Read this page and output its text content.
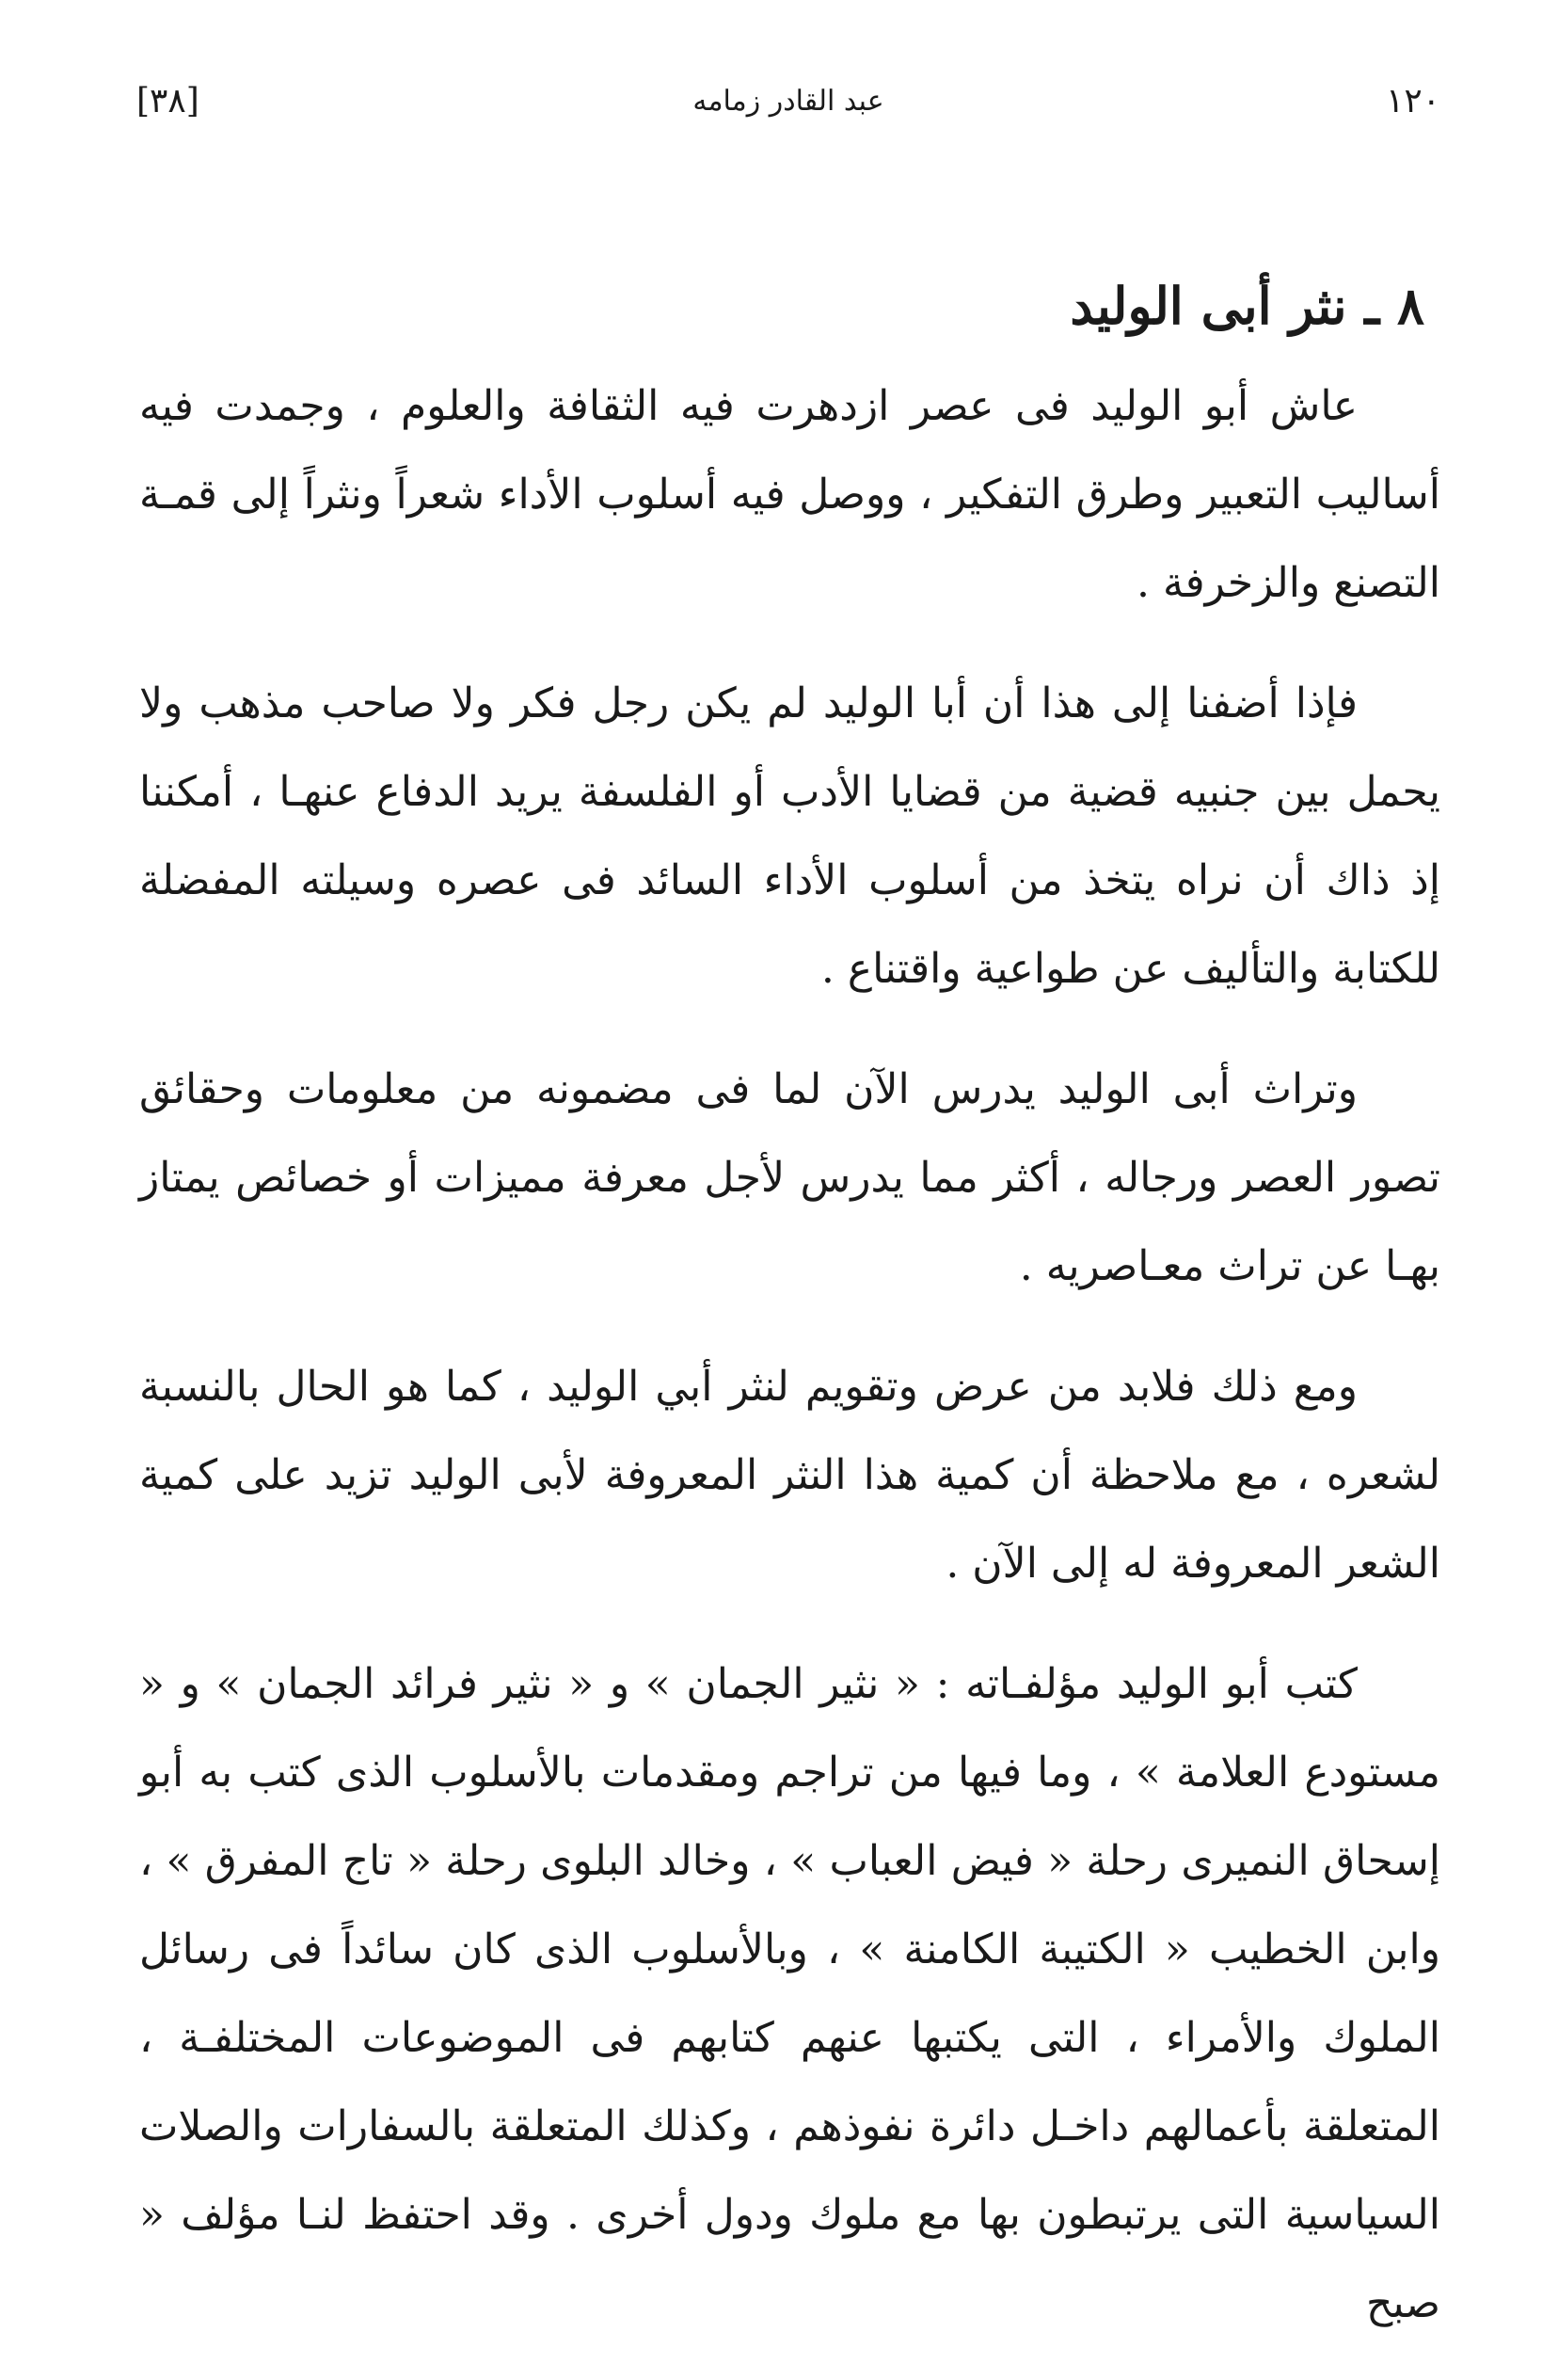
١٢٠
عبد القادر زمامه
[٣٨]
٨ ـ نثر أبى الوليد

عاش أبو الوليد فى عصر ازدهرت فيه الثقافة والعلوم ، وجمدت فيه أساليب التعبير وطرق التفكير ، ووصل فيه أسلوب الأداء شعراً ونثراً إلى قمـة التصنع والزخرفة .

فإذا أضفنا إلى هذا أن أبا الوليد لم يكن رجل فكر ولا صاحب مذهب ولا يحمل بين جنبيه قضية من قضايا الأدب أو الفلسفة يريد الدفاع عنهـا ، أمكننا إذ ذاك أن نراه يتخذ من أسلوب الأداء السائد فى عصره وسيلته المفضلة للكتابة والتأليف عن طواعية واقتناع .

وتراث أبى الوليد يدرس الآن لما فى مضمونه من معلومات وحقائق تصور العصر ورجاله ، أكثر مما يدرس لأجل معرفة مميزات أو خصائص يمتاز بهـا عن تراث معـاصريه .

ومع ذلك فلابد من عرض وتقويم لنثر أبي الوليد ، كما هو الحال بالنسبة لشعره ، مع ملاحظة أن كمية هذا النثر المعروفة لأبى الوليد تزيد على كمية الشعر المعروفة له إلى الآن .

كتب أبو الوليد مؤلفـاته : « نثير الجمان » و « نثير فرائد الجمان » و « مستودع العلامة » ، وما فيها من تراجم ومقدمات بالأسلوب الذى كتب به أبو إسحاق النميرى رحلة « فيض العباب » ، وخالد البلوى رحلة « تاج المفرق » ، وابن الخطيب « الكتيبة الكامنة » ، وبالأسلوب الذى كان سائداً فى رسائل الملوك والأمراء ، التى يكتبها عنهم كتابهم فى الموضوعات المختلفـة ، المتعلقة بأعمالهم داخـل دائرة نفوذهم ، وكذلك المتعلقة بالسفارات والصلات السياسية التى يرتبطون بها مع ملوك ودول أخرى . وقد احتفظ لنـا مؤلف « صبح
